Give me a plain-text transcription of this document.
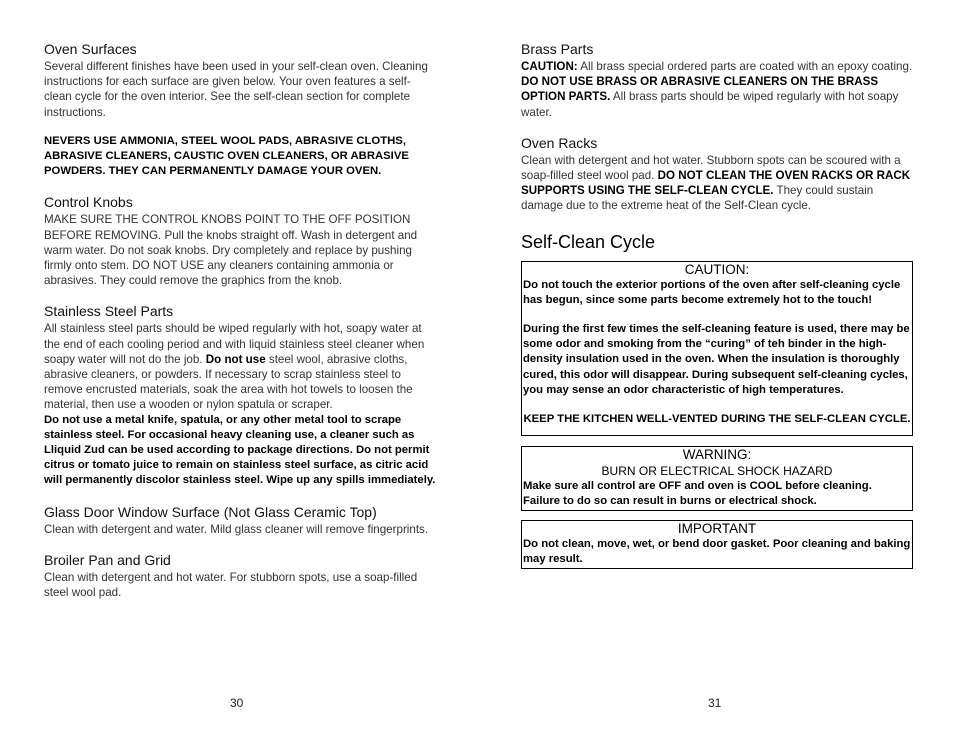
Oven Surfaces

Several different finishes have been used in your self-clean oven. Cleaning instructions for each surface are given below. Your oven features a self-clean cycle for the oven interior. See the self-clean section for complete instructions.

NEVERS USE AMMONIA, STEEL WOOL PADS, ABRASIVE CLOTHS, ABRASIVE CLEANERS, CAUSTIC OVEN CLEANERS, OR ABRASIVE POWDERS. THEY CAN PERMANENTLY DAMAGE YOUR OVEN.

Control Knobs

MAKE SURE THE CONTROL KNOBS POINT TO THE OFF POSITION BEFORE REMOVING. Pull the knobs straight off. Wash in detergent and warm water. Do not soak knobs. Dry completely and replace by pushing firmly onto stem. DO NOT USE any cleaners containing ammonia or abrasives. They could remove the graphics from the knob.

Stainless Steel Parts

All stainless steel parts should be wiped regularly with hot, soapy water at the end of each cooling period and with liquid stainless steel cleaner when soapy water will not do the job. Do not use steel wool, abrasive cloths, abrasive cleaners, or powders. If necessary to scrap stainless steel to remove encrusted materials, soak the area with hot towels to loosen the material, then use a wooden or nylon spatula or scraper.

Do not use a metal knife, spatula, or any other metal tool to scrape stainless steel. For occasional heavy cleaning use, a cleaner such as Lliquid Zud can be used according to package directions. Do not permit citrus or tomato juice to remain on stainless steel surface, as citric acid will permanently discolor stainless steel. Wipe up any spills immediately.

Glass Door Window Surface (Not Glass Ceramic Top)

Clean with detergent and water. Mild glass cleaner will remove fingerprints.

Broiler Pan and Grid

Clean with detergent and hot water. For stubborn spots, use a soap-filled steel wool pad.

30
Brass Parts

CAUTION: All brass special ordered parts are coated with an epoxy coating. DO NOT USE BRASS OR ABRASIVE CLEANERS ON THE BRASS OPTION PARTS. All brass parts should be wiped regularly with hot soapy water.

Oven Racks

Clean with detergent and hot water. Stubborn spots can be scoured with a soap-filled steel wool pad. DO NOT CLEAN THE OVEN RACKS OR RACK SUPPORTS USING THE SELF-CLEAN CYCLE. They could sustain damage due to the extreme heat of the Self-Clean cycle.

Self-Clean Cycle
CAUTION:
Do not touch the exterior portions of the oven after self-cleaning cycle has begun, since some parts become extremely hot to the touch!
During the first few times the self-cleaning feature is used, there may be some odor and smoking from the “curing” of teh binder in the high-density insulation used in the oven. When the insulation is thoroughly cured, this odor will disappear. During subsequent self-cleaning cycles, you may sense an odor characteristic of high temperatures.
KEEP THE KITCHEN WELL-VENTED DURING THE SELF-CLEAN CYCLE.
WARNING:
BURN OR ELECTRICAL SHOCK HAZARD
Make sure all control are OFF and oven is COOL before cleaning. Failure to do so can result in burns or electrical shock.
IMPORTANT
Do not clean, move, wet, or bend door gasket. Poor cleaning and baking may result.
31
